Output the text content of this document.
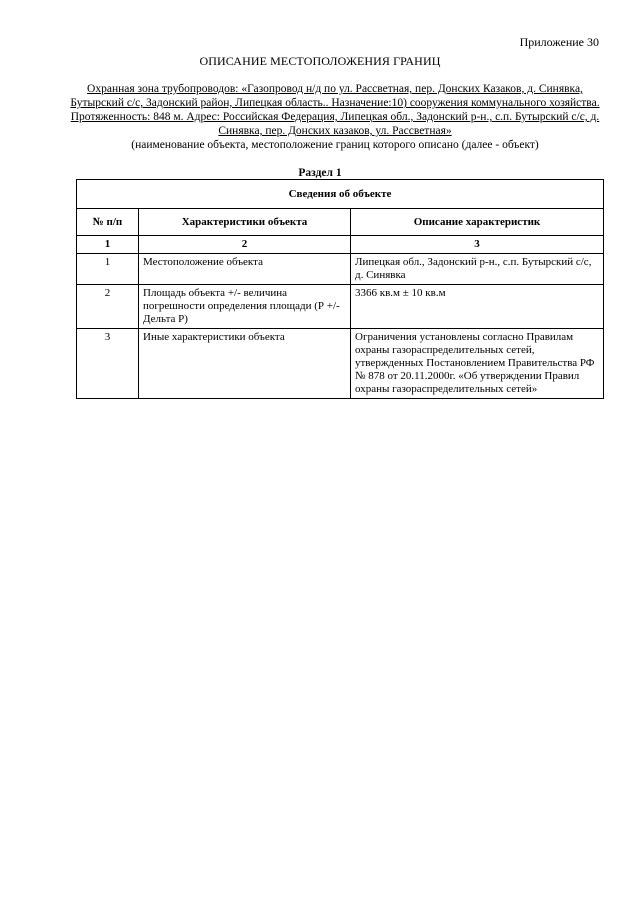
Приложение 30
ОПИСАНИЕ МЕСТОПОЛОЖЕНИЯ ГРАНИЦ
Охранная зона трубопроводов: «Газопровод н/д по ул. Рассветная, пер. Донских Казаков, д. Синявка, Бутырский с/с, Задонский район, Липецкая область.. Назначение:10) сооружения коммунального хозяйства. Протяженность: 848 м. Адрес: Российская Федерация, Липецкая обл., Задонский р-н., с.п. Бутырский с/с, д. Синявка, пер. Донских казаков, ул. Рассветная»
(наименование объекта, местоположение границ которого описано (далее - объект)
Раздел 1
Сведения об объекте		
№ п/п	Характеристики объекта	Описание характеристик
1	2	3
1	Местоположение объекта	Липецкая обл., Задонский р-н., с.п. Бутырский с/с, д. Синявка
2	Площадь объекта +/- величина погрешности определения площади (Р +/- Дельта Р)	3366 кв.м ± 10 кв.м
3	Иные характеристики объекта	Ограничения установлены согласно Правилам охраны газораспределительных сетей, утвержденных Постановлением Правительства РФ № 878 от 20.11.2000г. «Об утверждении Правил охраны газораспределительных сетей»
